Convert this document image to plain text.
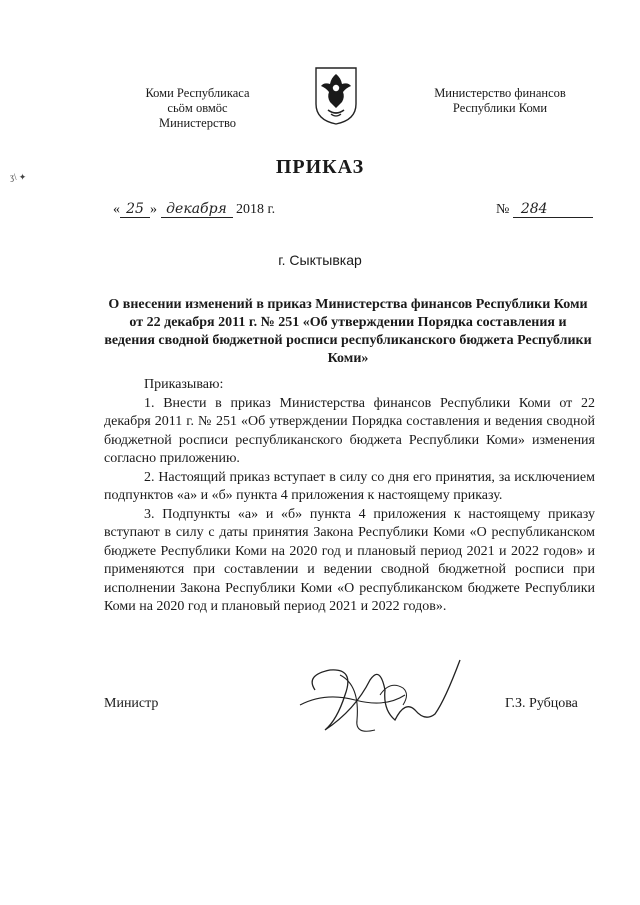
Коми Республикаса
сьӧм овмӧс
Министерство
Министерство финансов
Республики Коми
ʒ\ ✦	ПРИКАЗ
« 25 » декабря 2018 г.	№ 284
г. Сыктывкар
О внесении изменений в приказ Министерства финансов Республики Коми от 22 декабря 2011 г. № 251 «Об утверждении Порядка составления и ведения сводной бюджетной росписи республиканского бюджета Республики Коми»

Приказываю:

1. Внести в приказ Министерства финансов Республики Коми от 22 декабря 2011 г. № 251 «Об утверждении Порядка составления и ведения сводной бюджетной росписи республиканского бюджета Республики Коми» изменения согласно приложению.

2. Настоящий приказ вступает в силу со дня его принятия, за исключением подпунктов «а» и «б» пункта 4 приложения к настоящему приказу.

3. Подпункты «а» и «б» пункта 4 приложения к настоящему приказу вступают в силу с даты принятия Закона Республики Коми «О республиканском бюджете Республики Коми на 2020 год и плановый период 2021 и 2022 годов» и применяются при составлении и ведении сводной бюджетной росписи при исполнении Закона Республики Коми «О республиканском бюджете Республики Коми на 2020 год и плановый период 2021 и 2022 годов».

Министр	Г.З. Рубцова
